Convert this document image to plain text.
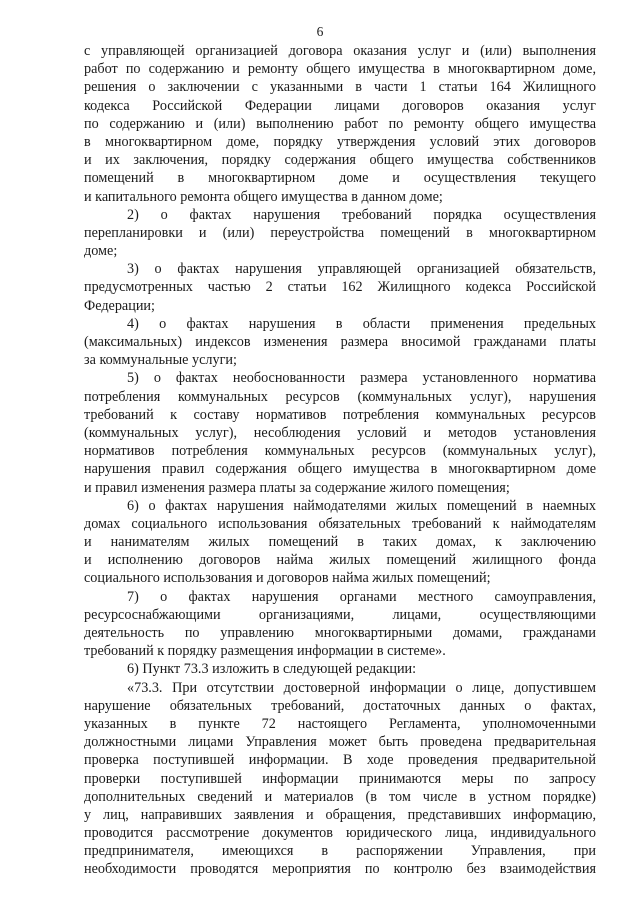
6
с управляющей организацией договора оказания услуг и (или) выполнения
работ по содержанию и ремонту общего имущества в многоквартирном доме,
решения о заключении с указанными в части 1 статьи 164 Жилищного
кодекса Российской Федерации лицами договоров оказания услуг
по содержанию и (или) выполнению работ по ремонту общего имущества
в многоквартирном доме, порядку утверждения условий этих договоров
и их заключения, порядку содержания общего имущества собственников
помещений в многоквартирном доме и осуществления текущего
и капитального ремонта общего имущества в данном доме;
2) о фактах нарушения требований порядка осуществления
перепланировки и (или) переустройства помещений в многоквартирном
доме;
3) о фактах нарушения управляющей организацией обязательств,
предусмотренных частью 2 статьи 162 Жилищного кодекса Российской
Федерации;
4) о фактах нарушения в области применения предельных
(максимальных) индексов изменения размера вносимой гражданами платы
за коммунальные услуги;
5) о фактах необоснованности размера установленного норматива
потребления коммунальных ресурсов (коммунальных услуг), нарушения
требований к составу нормативов потребления коммунальных ресурсов
(коммунальных услуг), несоблюдения условий и методов установления
нормативов потребления коммунальных ресурсов (коммунальных услуг),
нарушения правил содержания общего имущества в многоквартирном доме
и правил изменения размера платы за содержание жилого помещения;
6) о фактах нарушения наймодателями жилых помещений в наемных
домах социального использования обязательных требований к наймодателям
и нанимателям жилых помещений в таких домах, к заключению
и исполнению договоров найма жилых помещений жилищного фонда
социального использования и договоров найма жилых помещений;
7) о фактах нарушения органами местного самоуправления,
ресурсоснабжающими организациями, лицами, осуществляющими
деятельность по управлению многоквартирными домами, гражданами
требований к порядку размещения информации в системе».
6) Пункт 73.3 изложить в следующей редакции:
«73.3. При отсутствии достоверной информации о лице, допустившем
нарушение обязательных требований, достаточных данных о фактах,
указанных в пункте 72 настоящего Регламента, уполномоченными
должностными лицами Управления может быть проведена предварительная
проверка поступившей информации. В ходе проведения предварительной
проверки поступившей информации принимаются меры по запросу
дополнительных сведений и материалов (в том числе в устном порядке)
у лиц, направивших заявления и обращения, представивших информацию,
проводится рассмотрение документов юридического лица, индивидуального
предпринимателя, имеющихся в распоряжении Управления, при
необходимости проводятся мероприятия по контролю без взаимодействия
